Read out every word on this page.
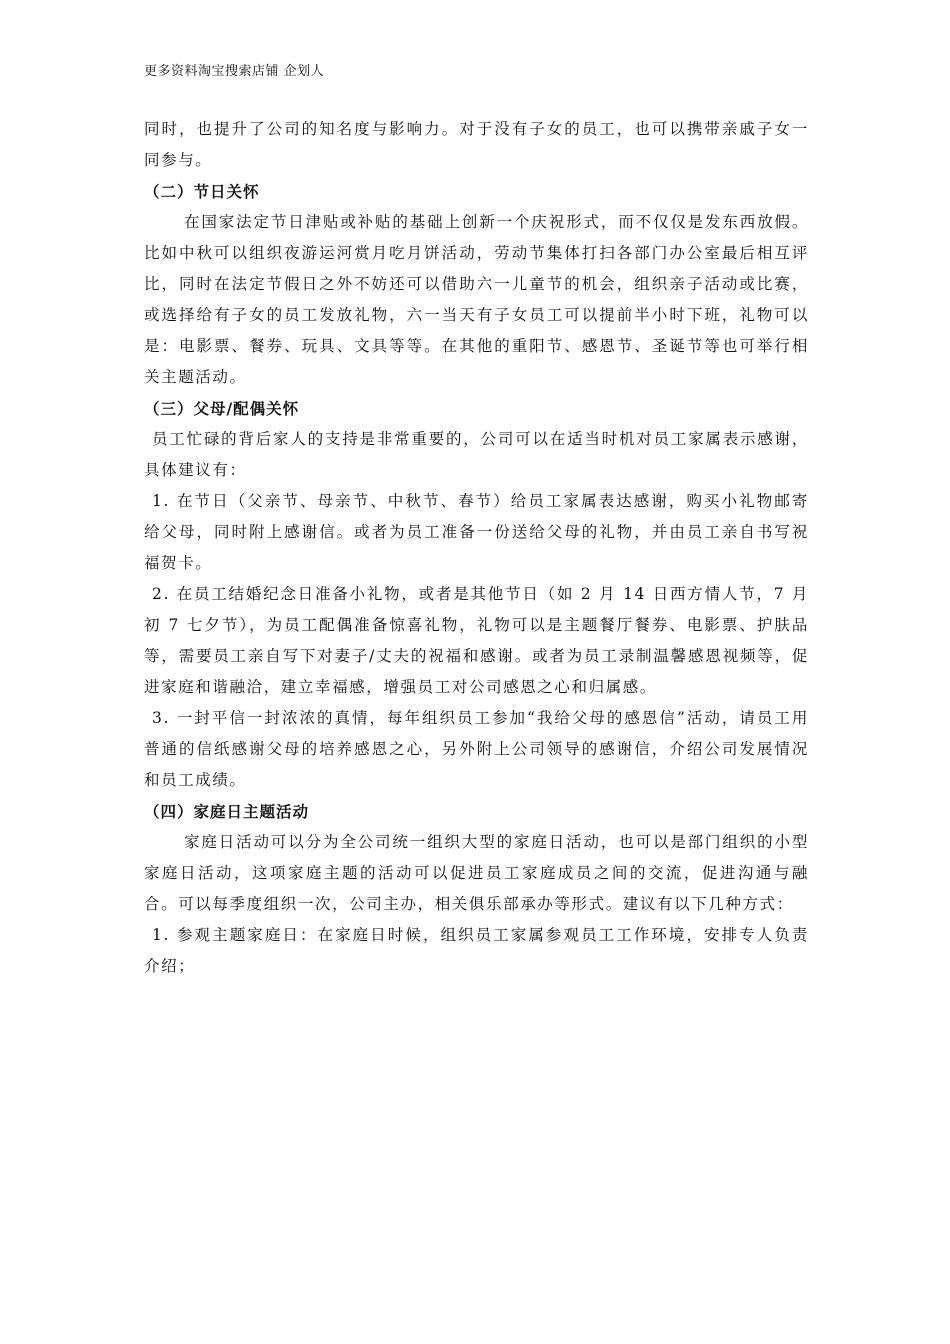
更多资料淘宝搜索店铺 企划人

同时，也提升了公司的知名度与影响力。对于没有子女的员工，也可以携带亲戚子女一同参与。

（二）节日关怀

在国家法定节日津贴或补贴的基础上创新一个庆祝形式，而不仅仅是发东西放假。比如中秋可以组织夜游运河赏月吃月饼活动，劳动节集体打扫各部门办公室最后相互评比，同时在法定节假日之外不妨还可以借助六一儿童节的机会，组织亲子活动或比赛，或选择给有子女的员工发放礼物，六一当天有子女员工可以提前半小时下班，礼物可以是：电影票、餐券、玩具、文具等等。在其他的重阳节、感恩节、圣诞节等也可举行相关主题活动。

（三）父母/配偶关怀

员工忙碌的背后家人的支持是非常重要的，公司可以在适当时机对员工家属表示感谢，具体建议有：

1. 在节日（父亲节、母亲节、中秋节、春节）给员工家属表达感谢，购买小礼物邮寄给父母，同时附上感谢信。或者为员工准备一份送给父母的礼物，并由员工亲自书写祝福贺卡。

2. 在员工结婚纪念日准备小礼物，或者是其他节日（如 2 月 14 日西方情人节，7 月初 7 七夕节），为员工配偶准备惊喜礼物，礼物可以是主题餐厅餐券、电影票、护肤品等，需要员工亲自写下对妻子/丈夫的祝福和感谢。或者为员工录制温馨感恩视频等，促进家庭和谐融洽，建立幸福感，增强员工对公司感恩之心和归属感。

3. 一封平信一封浓浓的真情，每年组织员工参加“我给父母的感恩信”活动，请员工用普通的信纸感谢父母的培养感恩之心，另外附上公司领导的感谢信，介绍公司发展情况和员工成绩。

（四）家庭日主题活动

家庭日活动可以分为全公司统一组织大型的家庭日活动，也可以是部门组织的小型家庭日活动，这项家庭主题的活动可以促进员工家庭成员之间的交流，促进沟通与融合。可以每季度组织一次，公司主办，相关俱乐部承办等形式。建议有以下几种方式：

1. 参观主题家庭日：在家庭日时候，组织员工家属参观员工工作环境，安排专人负责介绍；
